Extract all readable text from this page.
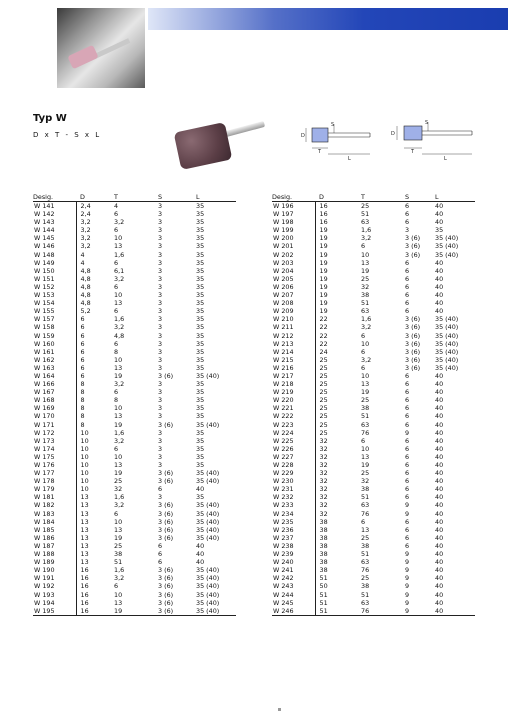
Typ W
D x T - S x L	D
T
L
S
D
T
L
S
Desig.	D	T	S	L
W 141	2,4	4	3	35
W 142	2,4	6	3	35
W 143	3,2	3,2	3	35
W 144	3,2	6	3	35
W 145	3,2	10	3	35
W 146	3,2	13	3	35
W 148	4	1,6	3	35
W 149	4	6	3	35
W 150	4,8	6,1	3	35
W 151	4,8	3,2	3	35
W 152	4,8	6	3	35
W 153	4,8	10	3	35
W 154	4,8	13	3	35
W 155	5,2	6	3	35
W 157	6	1,6	3	35
W 158	6	3,2	3	35
W 159	6	4,8	3	35
W 160	6	6	3	35
W 161	6	8	3	35
W 162	6	10	3	35
W 163	6	13	3	35
W 164	6	19	3 (6)	35 (40)
W 166	8	3,2	3	35
W 167	8	6	3	35
W 168	8	8	3	35
W 169	8	10	3	35
W 170	8	13	3	35
W 171	8	19	3 (6)	35 (40)
W 172	10	1,6	3	35
W 173	10	3,2	3	35
W 174	10	6	3	35
W 175	10	10	3	35
W 176	10	13	3	35
W 177	10	19	3 (6)	35 (40)
W 178	10	25	3 (6)	35 (40)
W 179	10	32	6	40
W 181	13	1,6	3	35
W 182	13	3,2	3 (6)	35 (40)
W 183	13	6	3 (6)	35 (40)
W 184	13	10	3 (6)	35 (40)
W 185	13	13	3 (6)	35 (40)
W 186	13	19	3 (6)	35 (40)
W 187	13	25	6	40
W 188	13	38	6	40
W 189	13	51	6	40
W 190	16	1,6	3 (6)	35 (40)
W 191	16	3,2	3 (6)	35 (40)
W 192	16	6	3 (6)	35 (40)
W 193	16	10	3 (6)	35 (40)
W 194	16	13	3 (6)	35 (40)
W 195	16	19	3 (6)	35 (40)
Desig.	D	T	S	L
W 196	16	25	6	40
W 197	16	51	6	40
W 198	16	63	6	40
W 199	19	1,6	3	35
W 200	19	3,2	3 (6)	35 (40)
W 201	19	6	3 (6)	35 (40)
W 202	19	10	3 (6)	35 (40)
W 203	19	13	6	40
W 204	19	19	6	40
W 205	19	25	6	40
W 206	19	32	6	40
W 207	19	38	6	40
W 208	19	51	6	40
W 209	19	63	6	40
W 210	22	1,6	3 (6)	35 (40)
W 211	22	3,2	3 (6)	35 (40)
W 212	22	6	3 (6)	35 (40)
W 213	22	10	3 (6)	35 (40)
W 214	24	6	3 (6)	35 (40)
W 215	25	3,2	3 (6)	35 (40)
W 216	25	6	3 (6)	35 (40)
W 217	25	10	6	40
W 218	25	13	6	40
W 219	25	19	6	40
W 220	25	25	6	40
W 221	25	38	6	40
W 222	25	51	6	40
W 223	25	63	6	40
W 224	25	76	9	40
W 225	32	6	6	40
W 226	32	10	6	40
W 227	32	13	6	40
W 228	32	19	6	40
W 229	32	25	6	40
W 230	32	32	6	40
W 231	32	38	6	40
W 232	32	51	6	40
W 233	32	63	9	40
W 234	32	76	9	40
W 235	38	6	6	40
W 236	38	13	6	40
W 237	38	25	6	40
W 238	38	38	6	40
W 239	38	51	9	40
W 240	38	63	9	40
W 241	38	76	9	40
W 242	51	25	9	40
W 243	50	38	9	40
W 244	51	51	9	40
W 245	51	63	9	40
W 246	51	76	9	40
